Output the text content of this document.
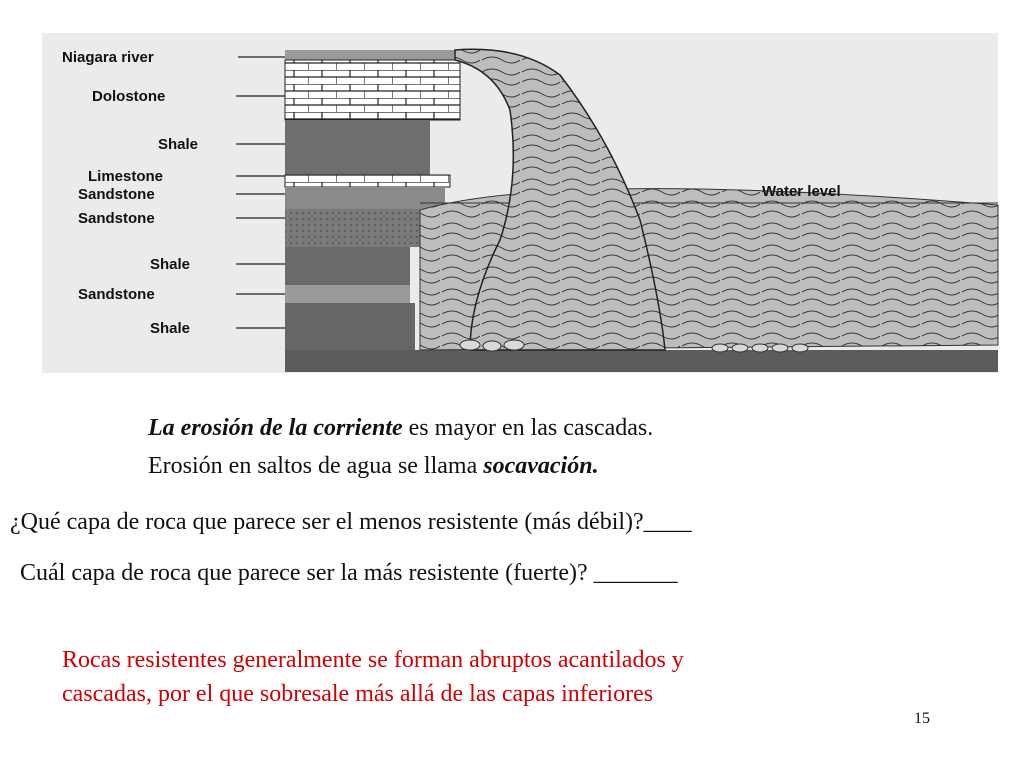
Niagara river
Dolostone
Shale
Limestone
Sandstone
Sandstone
Shale
Sandstone
Shale
Water level
La erosión de la corriente es mayor en las cascadas.
Erosión en saltos de agua se llama socavación.
¿Qué capa de roca que parece ser el menos resistente (más débil)?____
Cuál capa de roca que parece ser la más resistente (fuerte)? _______
Rocas resistentes generalmente se forman abruptos acantilados y
cascadas, por el que sobresale más allá de las capas inferiores
15
